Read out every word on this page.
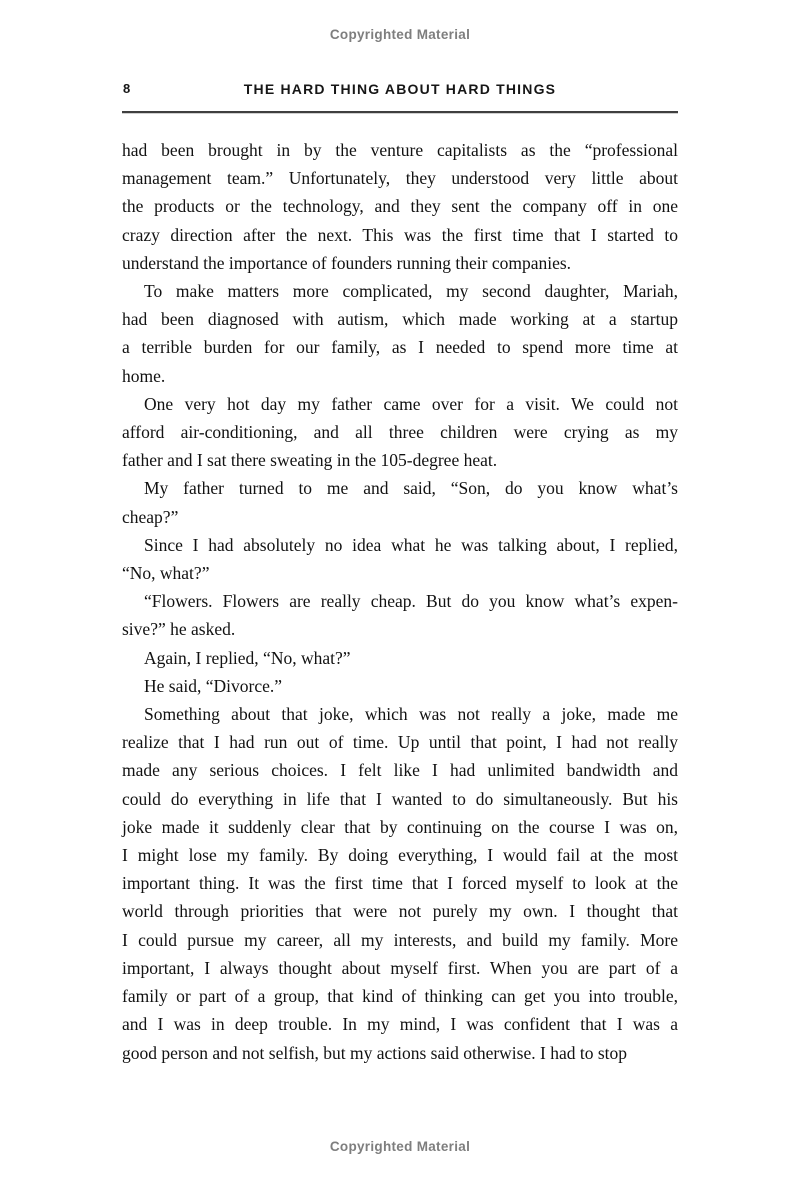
Copyrighted Material
8	THE HARD THING ABOUT HARD THINGS

had been brought in by the venture capitalists as the “professional
management team.” Unfortunately, they understood very little about
the products or the technology, and they sent the company off in one
crazy direction after the next. This was the first time that I started to
understand the importance of founders running their companies.

To make matters more complicated, my second daughter, Mariah,
had been diagnosed with autism, which made working at a startup
a terrible burden for our family, as I needed to spend more time at
home.

One very hot day my father came over for a visit. We could not
afford air-conditioning, and all three children were crying as my
father and I sat there sweating in the 105-degree heat.

My father turned to me and said, “Son, do you know what’s
cheap?”

Since I had absolutely no idea what he was talking about, I replied,
“No, what?”

“Flowers. Flowers are really cheap. But do you know what’s expen-
sive?” he asked.

Again, I replied, “No, what?”

He said, “Divorce.”

Something about that joke, which was not really a joke, made me
realize that I had run out of time. Up until that point, I had not really
made any serious choices. I felt like I had unlimited bandwidth and
could do everything in life that I wanted to do simultaneously. But his
joke made it suddenly clear that by continuing on the course I was on,
I might lose my family. By doing everything, I would fail at the most
important thing. It was the first time that I forced myself to look at the
world through priorities that were not purely my own. I thought that
I could pursue my career, all my interests, and build my family. More
important, I always thought about myself first. When you are part of a
family or part of a group, that kind of thinking can get you into trouble,
and I was in deep trouble. In my mind, I was confident that I was a
good person and not selfish, but my actions said otherwise. I had to stop

Copyrighted Material
